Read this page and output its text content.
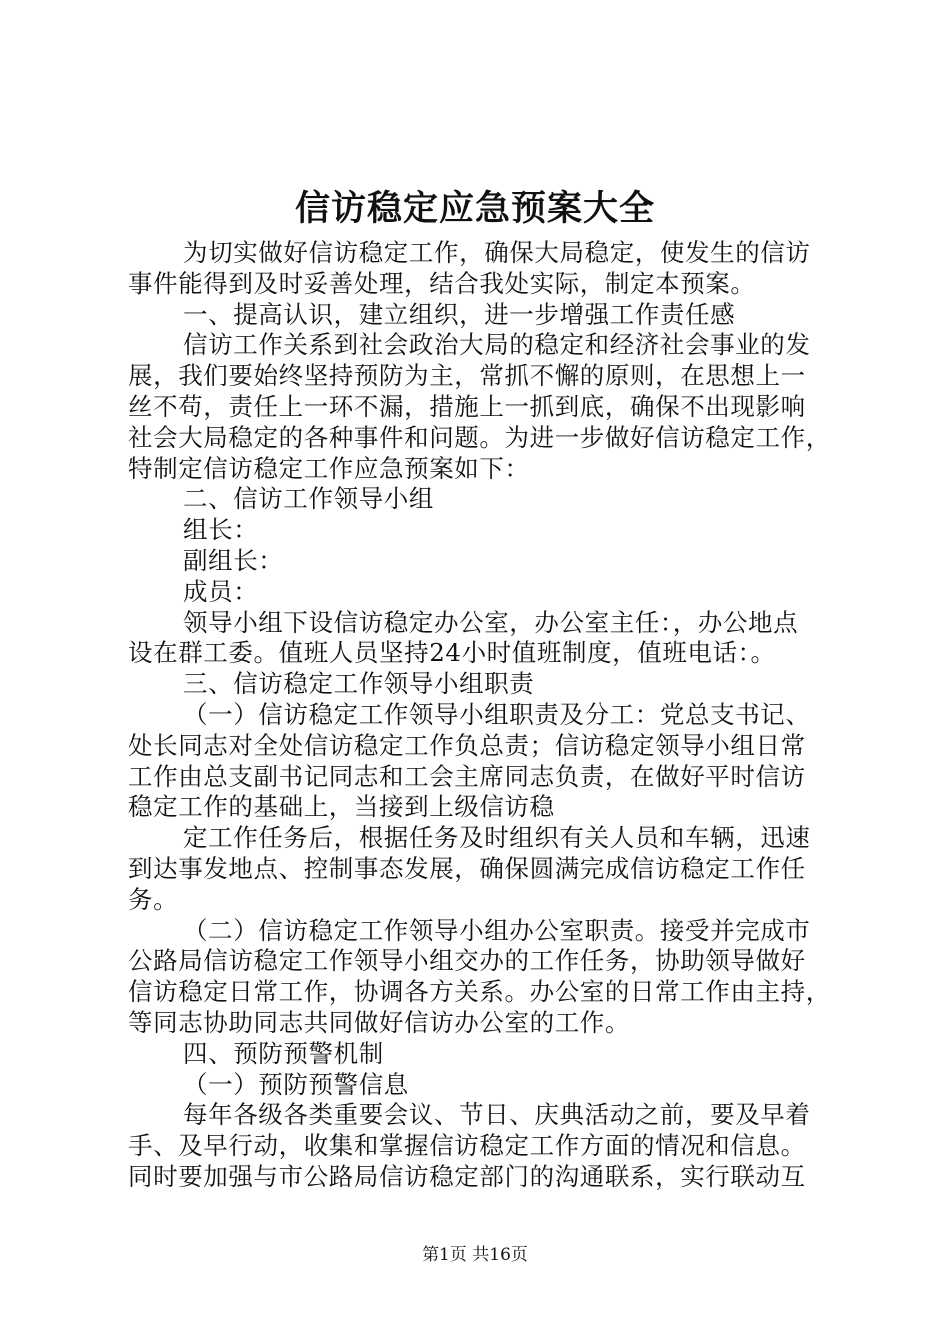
信访稳定应急预案大全
为切实做好信访稳定工作，确保大局稳定，使发生的信访
事件能得到及时妥善处理，结合我处实际，制定本预案。
一、提高认识，建立组织，进一步增强工作责任感
信访工作关系到社会政治大局的稳定和经济社会事业的发
展，我们要始终坚持预防为主，常抓不懈的原则，在思想上一
丝不苟，责任上一环不漏，措施上一抓到底，确保不出现影响
社会大局稳定的各种事件和问题。为进一步做好信访稳定工作，
特制定信访稳定工作应急预案如下：
二、信访工作领导小组
组长：
副组长：
成员：
领导小组下设信访稳定办公室，办公室主任：，办公地点
设在群工委。值班人员坚持24小时值班制度，值班电话：。
三、信访稳定工作领导小组职责
（一）信访稳定工作领导小组职责及分工：党总支书记、
处长同志对全处信访稳定工作负总责；信访稳定领导小组日常
工作由总支副书记同志和工会主席同志负责，在做好平时信访
稳定工作的基础上，当接到上级信访稳
定工作任务后，根据任务及时组织有关人员和车辆，迅速
到达事发地点、控制事态发展，确保圆满完成信访稳定工作任
务。
（二）信访稳定工作领导小组办公室职责。接受并完成市
公路局信访稳定工作领导小组交办的工作任务，协助领导做好
信访稳定日常工作，协调各方关系。办公室的日常工作由主持，
等同志协助同志共同做好信访办公室的工作。
四、预防预警机制
（一）预防预警信息
每年各级各类重要会议、节日、庆典活动之前，要及早着
手、及早行动，收集和掌握信访稳定工作方面的情况和信息。
同时要加强与市公路局信访稳定部门的沟通联系，实行联动互
第1页 共16页
